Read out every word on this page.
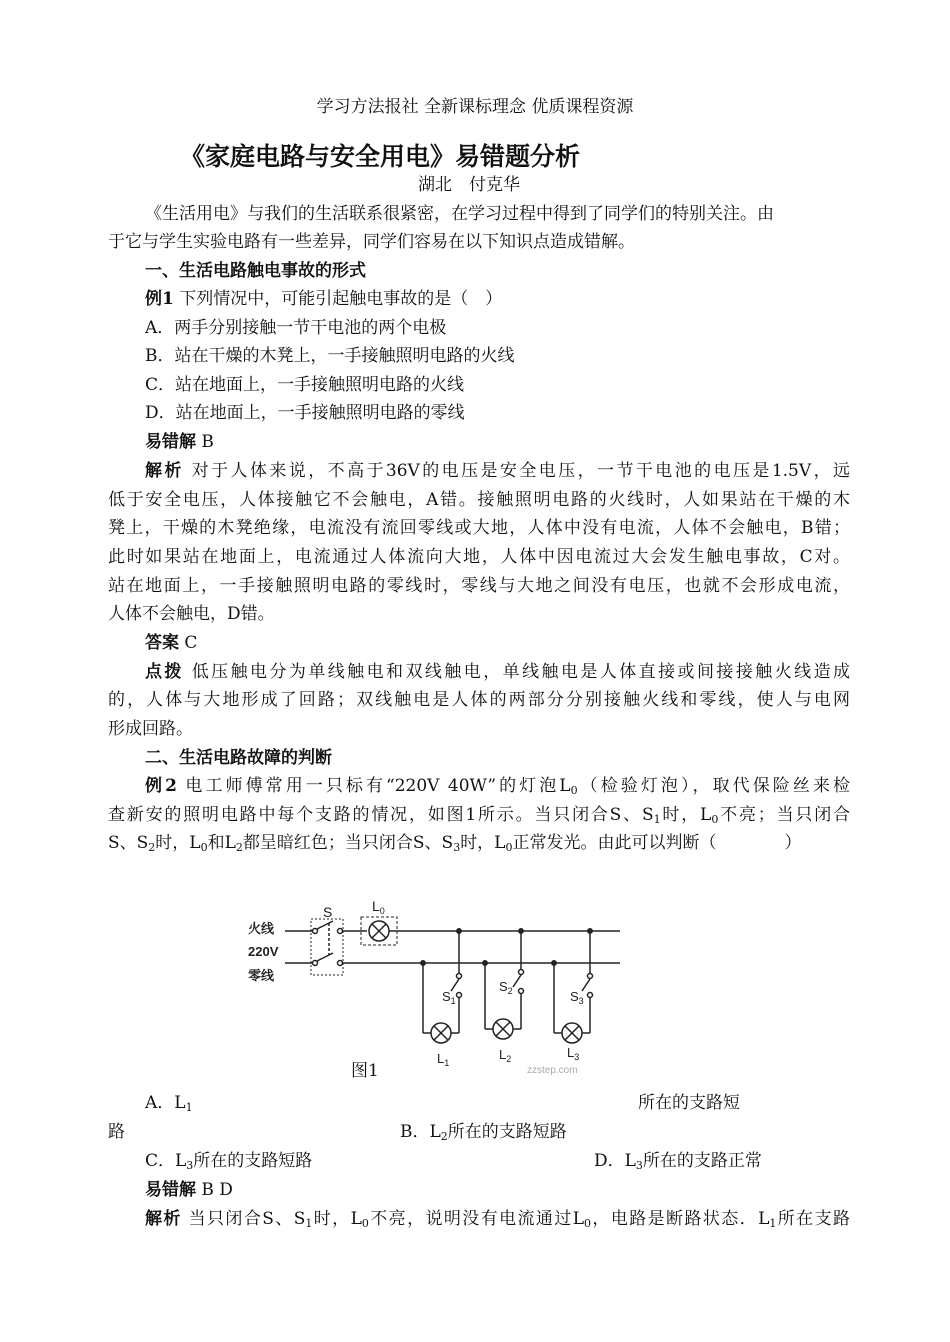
学习方法报社 全新课标理念 优质课程资源
《家庭电路与安全用电》易错题分析
湖北　付克华
《生活用电》与我们的生活联系很紧密，在学习过程中得到了同学们的特别关注。由
于它与学生实验电路有一些差异，同学们容易在以下知识点造成错解。
一、生活电路触电事故的形式
例1 下列情况中，可能引起触电事故的是（　）
A．两手分别接触一节干电池的两个电极
B．站在干燥的木凳上，一手接触照明电路的火线
C．站在地面上，一手接触照明电路的火线
D．站在地面上，一手接触照明电路的零线
易错解 B
解析 对于人体来说，不高于36V的电压是安全电压，一节干电池的电压是1.5V，远
低于安全电压，人体接触它不会触电，A错。接触照明电路的火线时，人如果站在干燥的木
凳上，干燥的木凳绝缘，电流没有流回零线或大地，人体中没有电流，人体不会触电，B错；
此时如果站在地面上，电流通过人体流向大地，人体中因电流过大会发生触电事故，C对。
站在地面上，一手接触照明电路的零线时，零线与大地之间没有电压，也就不会形成电流，
人体不会触电，D错。
答案 C
点拨 低压触电分为单线触电和双线触电，单线触电是人体直接或间接接触火线造成
的，人体与大地形成了回路；双线触电是人体的两部分分别接触火线和零线，使人与电网
形成回路。
二、生活电路故障的判断
例2 电工师傅常用一只标有“220V 40W”的灯泡$L_0$（检验灯泡），取代保险丝来检
查新安的照明电路中每个支路的情况，如图1所示。当只闭合S、$S_1$时，$L_0$不亮；当只闭合
S、$S_2$时，$L_0$和$L_2$都呈暗红色；当只闭合S、$S_3$时，$L_0$正常发光。由此可以判断（　　　　）
火线
220V
零线
S	$L_0$
$S_1$
$L_1$
$S_2$
$L_2$
$S_3$
$L_3$
zzstep.com
图1
A．$L_1$	所在的支路短
路	B．$L_2$所在的支路短路
C．$L_3$所在的支路短路	D．$L_3$所在的支路正常
易错解 B D
解析 当只闭合S、$S_1$时，$L_0$不亮，说明没有电流通过$L_0$，电路是断路状态．$L_1$所在支路
